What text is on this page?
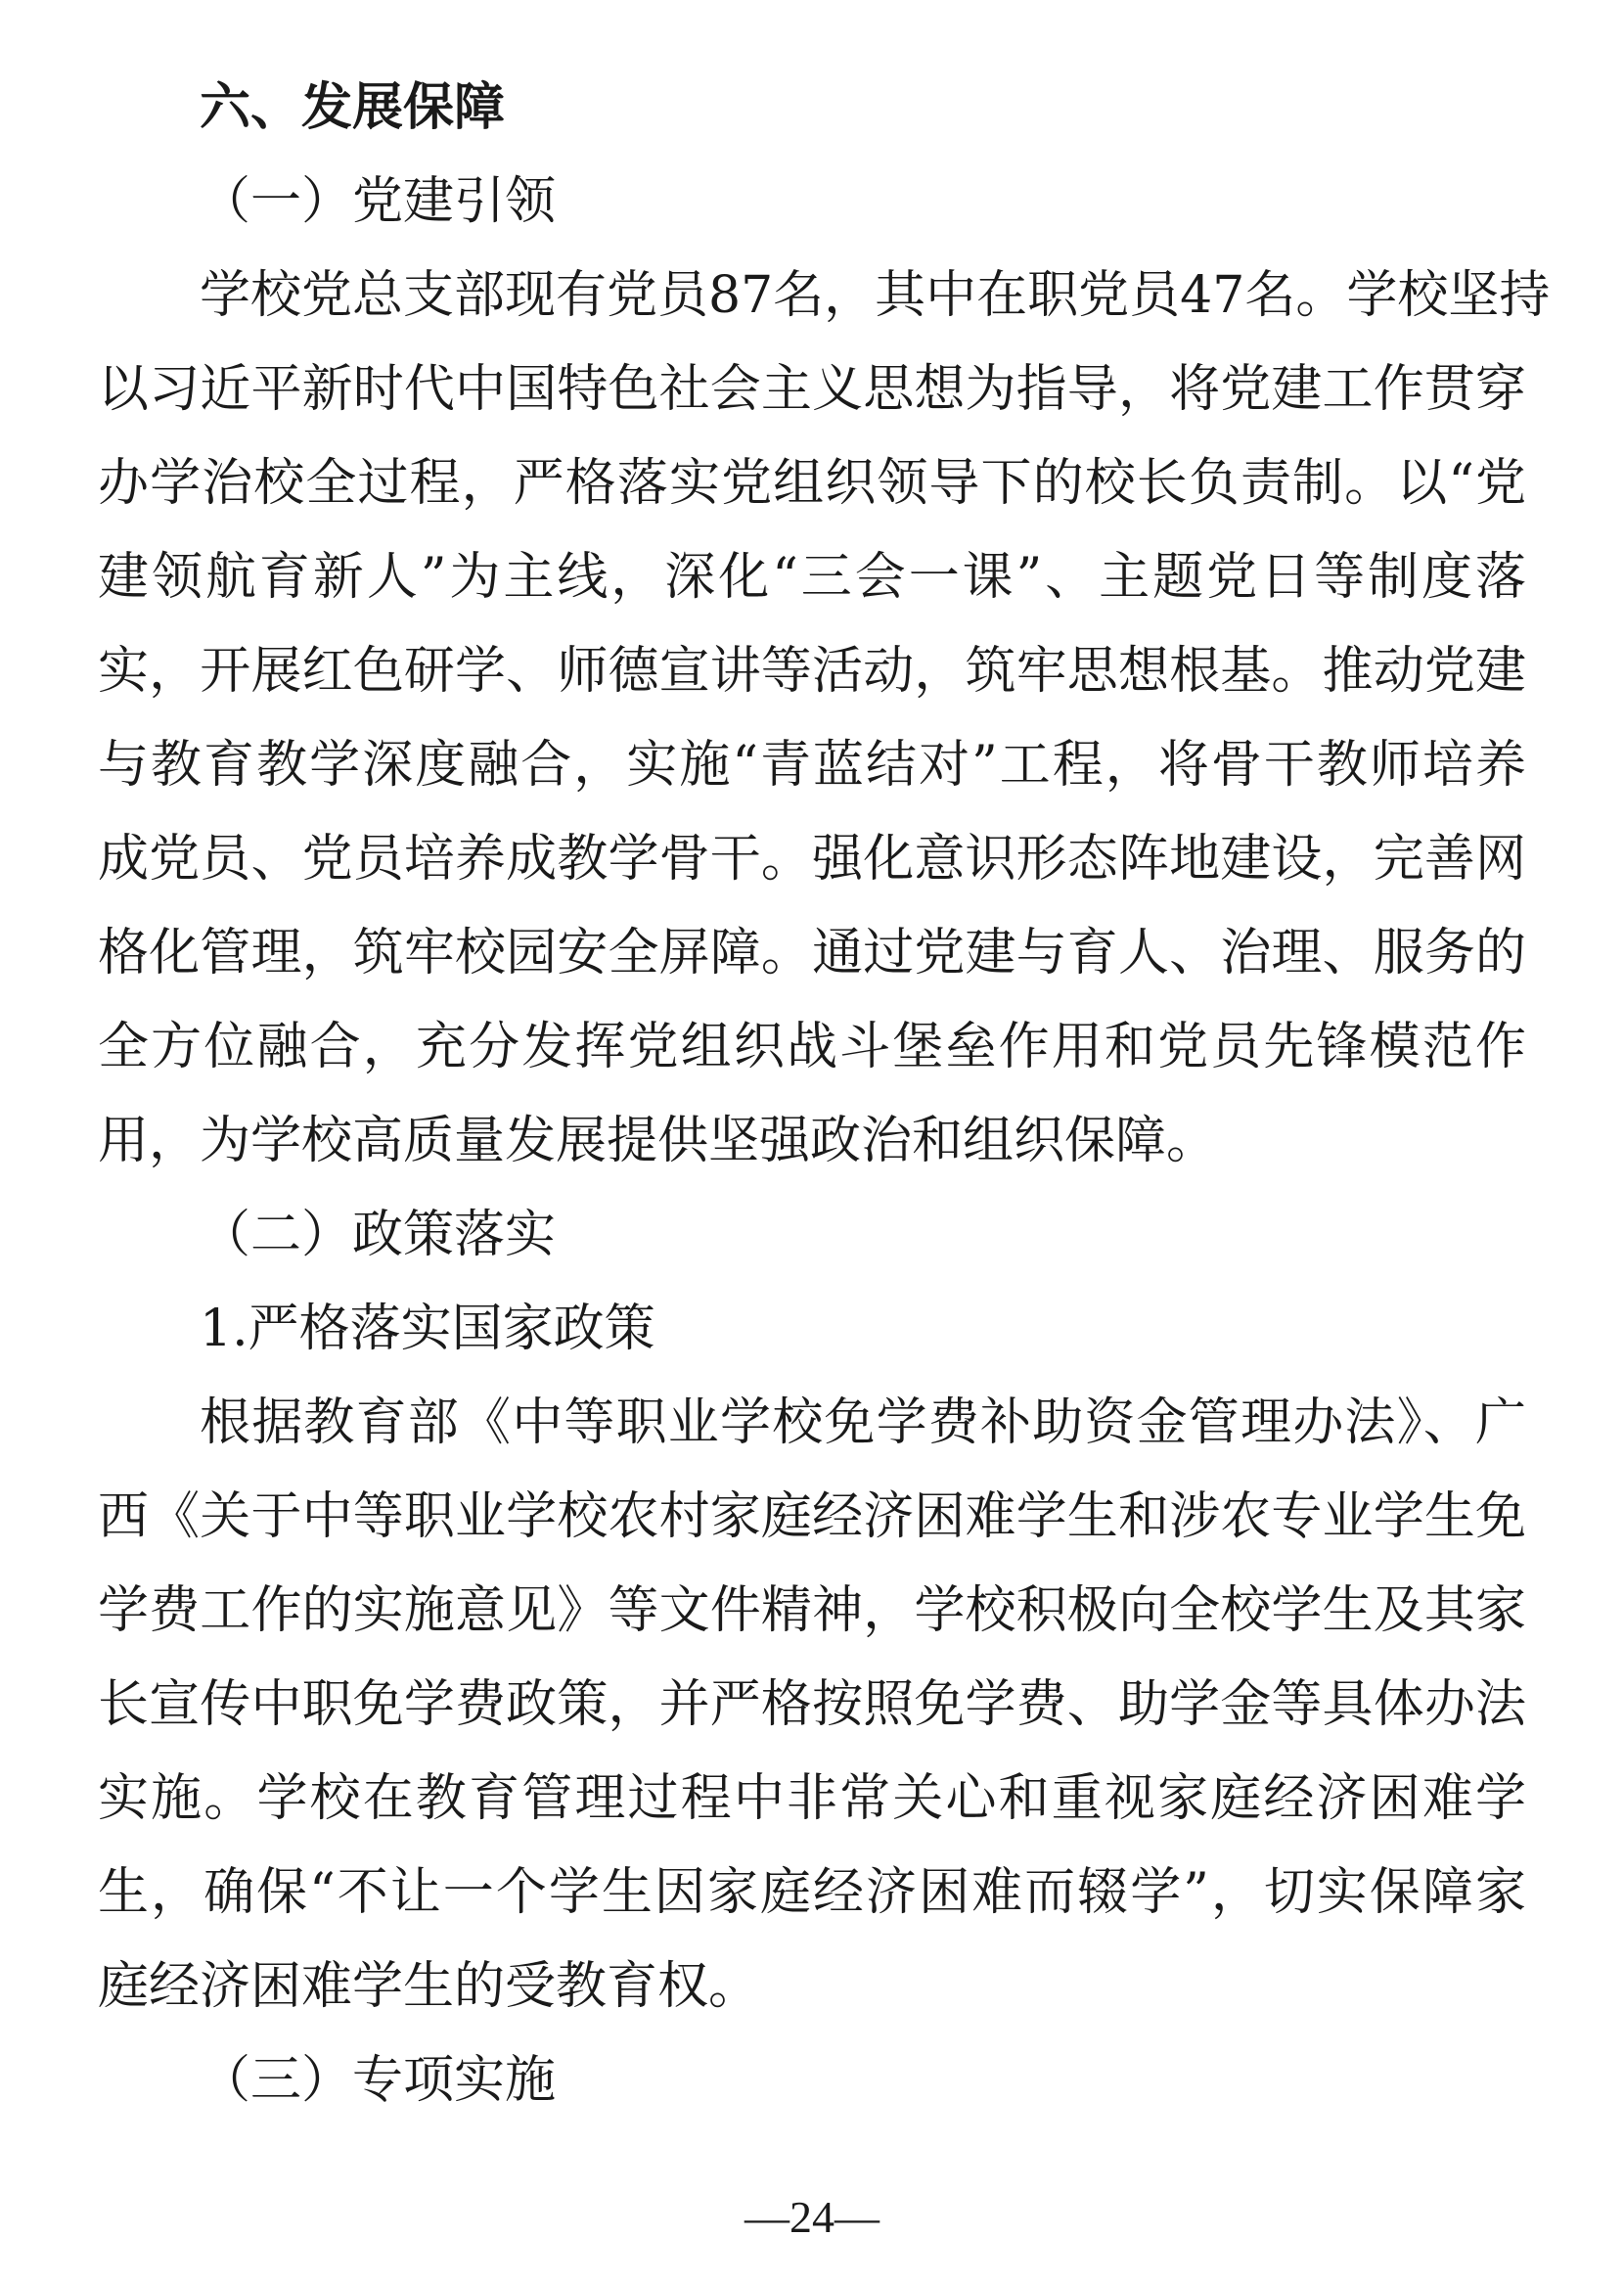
六、发展保障
（一）党建引领
学校党总支部现有党员87名，其中在职党员47名。学校坚持
以习近平新时代中国特色社会主义思想为指导，将党建工作贯穿
办学治校全过程，严格落实党组织领导下的校长负责制。以“党
建领航育新人”为主线，深化“三会一课”、主题党日等制度落
实，开展红色研学、师德宣讲等活动，筑牢思想根基。推动党建
与教育教学深度融合，实施“青蓝结对”工程，将骨干教师培养
成党员、党员培养成教学骨干。强化意识形态阵地建设，完善网
格化管理，筑牢校园安全屏障。通过党建与育人、治理、服务的
全方位融合，充分发挥党组织战斗堡垒作用和党员先锋模范作
用，为学校高质量发展提供坚强政治和组织保障。
（二）政策落实
1.严格落实国家政策
根据教育部《中等职业学校免学费补助资金管理办法》、广
西《关于中等职业学校农村家庭经济困难学生和涉农专业学生免
学费工作的实施意见》等文件精神，学校积极向全校学生及其家
长宣传中职免学费政策，并严格按照免学费、助学金等具体办法
实施。学校在教育管理过程中非常关心和重视家庭经济困难学
生，确保“不让一个学生因家庭经济困难而辍学”，切实保障家
庭经济困难学生的受教育权。
（三）专项实施
—24—
